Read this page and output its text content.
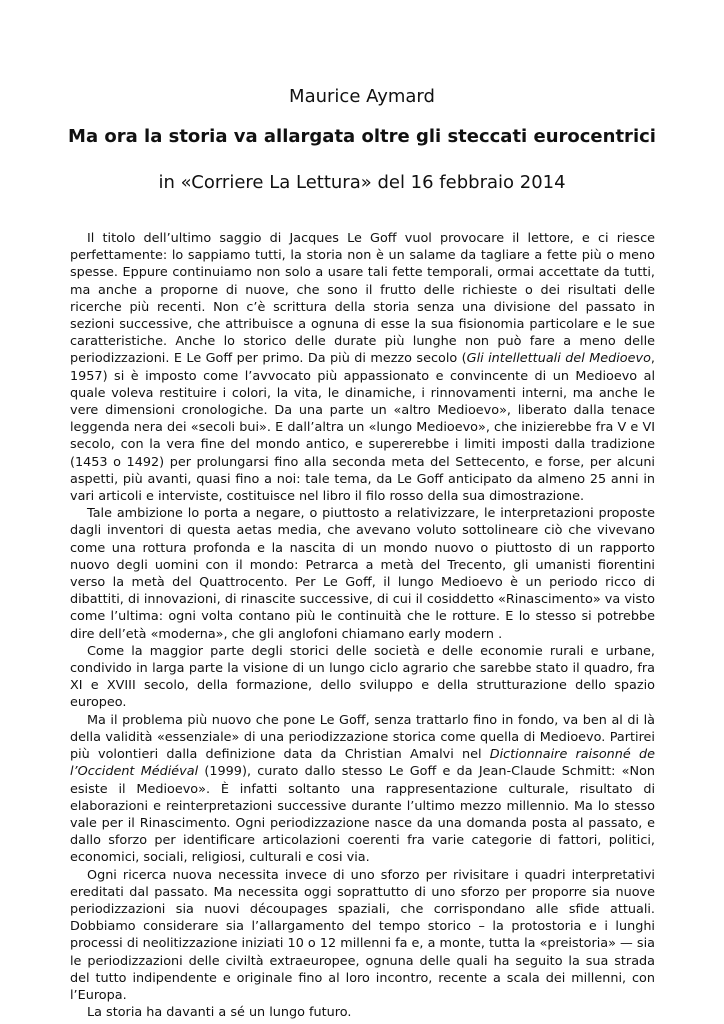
Maurice Aymard
Ma ora la storia va allargata oltre gli steccati eurocentrici
in «Corriere La Lettura» del 16 febbraio 2014

Il titolo dell’ultimo saggio di Jacques Le Goff vuol provocare il lettore, e ci riesce perfettamente: lo sappiamo tutti, la storia non è un salame da tagliare a fette più o meno spesse. Eppure continuiamo non solo a usare tali fette temporali, ormai accettate da tutti, ma anche a proporne di nuove, che sono il frutto delle richieste o dei risultati delle ricerche più recenti. Non c’è scrittura della storia senza una divisione del passato in sezioni successive, che attribuisce a ognuna di esse la sua fisionomia particolare e le sue caratteristiche. Anche lo storico delle durate più lunghe non può fare a meno delle periodizzazioni. E Le Goff per primo. Da più di mezzo secolo (Gli intellettuali del Medioevo, 1957) si è imposto come l’avvocato più appassionato e convincente di un Medioevo al quale voleva restituire i colori, la vita, le dinamiche, i rinnovamenti interni, ma anche le vere dimensioni cronologiche. Da una parte un «altro Medioevo», liberato dalla tenace leggenda nera dei «secoli bui». E dall’altra un «lungo Medioevo», che inizierebbe fra V e VI secolo, con la vera fine del mondo antico, e supererebbe i limiti imposti dalla tradizione (1453 o 1492) per prolungarsi fino alla seconda meta del Settecento, e forse, per alcuni aspetti, più avanti, quasi fino a noi: tale tema, da Le Goff anticipato da almeno 25 anni in vari articoli e interviste, costituisce nel libro il filo rosso della sua dimostrazione.

Tale ambizione lo porta a negare, o piuttosto a relativizzare, le interpretazioni proposte dagli inventori di questa aetas media, che avevano voluto sottolineare ciò che vivevano come una rottura profonda e la nascita di un mondo nuovo o piuttosto di un rapporto nuovo degli uomini con il mondo: Petrarca a metà del Trecento, gli umanisti fiorentini verso la metà del Quattrocento. Per Le Goff, il lungo Medioevo è un periodo ricco di dibattiti, di innovazioni, di rinascite successive, di cui il cosiddetto «Rinascimento» va visto come l’ultima: ogni volta contano più le continuità che le rotture. E lo stesso si potrebbe dire dell’età «moderna», che gli anglofoni chiamano early modern .

Come la maggior parte degli storici delle società e delle economie rurali e urbane, condivido in larga parte la visione di un lungo ciclo agrario che sarebbe stato il quadro, fra XI e XVIII secolo, della formazione, dello sviluppo e della strutturazione dello spazio europeo.

Ma il problema più nuovo che pone Le Goff, senza trattarlo fino in fondo, va ben al di là della validità «essenziale» di una periodizzazione storica come quella di Medioevo. Partirei più volontieri dalla definizione data da Christian Amalvi nel Dictionnaire raisonné de l’Occident Médiéval (1999), curato dallo stesso Le Goff e da Jean-Claude Schmitt: «Non esiste il Medioevo». È infatti soltanto una rappresentazione culturale, risultato di elaborazioni e reinterpretazioni successive durante l’ultimo mezzo millennio. Ma lo stesso vale per il Rinascimento. Ogni periodizzazione nasce da una domanda posta al passato, e dallo sforzo per identificare articolazioni coerenti fra varie categorie di fattori, politici, economici, sociali, religiosi, culturali e cosi via.

Ogni ricerca nuova necessita invece di uno sforzo per rivisitare i quadri interpretativi ereditati dal passato. Ma necessita oggi soprattutto di uno sforzo per proporre sia nuove periodizzazioni sia nuovi découpages spaziali, che corrispondano alle sfide attuali. Dobbiamo considerare sia l’allargamento del tempo storico – la protostoria e i lunghi processi di neolitizzazione iniziati 10 o 12 millenni fa e, a monte, tutta la «preistoria» — sia le periodizzazioni delle civiltà extraeuropee, ognuna delle quali ha seguito la sua strada del tutto indipendente e originale fino al loro incontro, recente a scala dei millenni, con l’Europa.

La storia ha davanti a sé un lungo futuro.
